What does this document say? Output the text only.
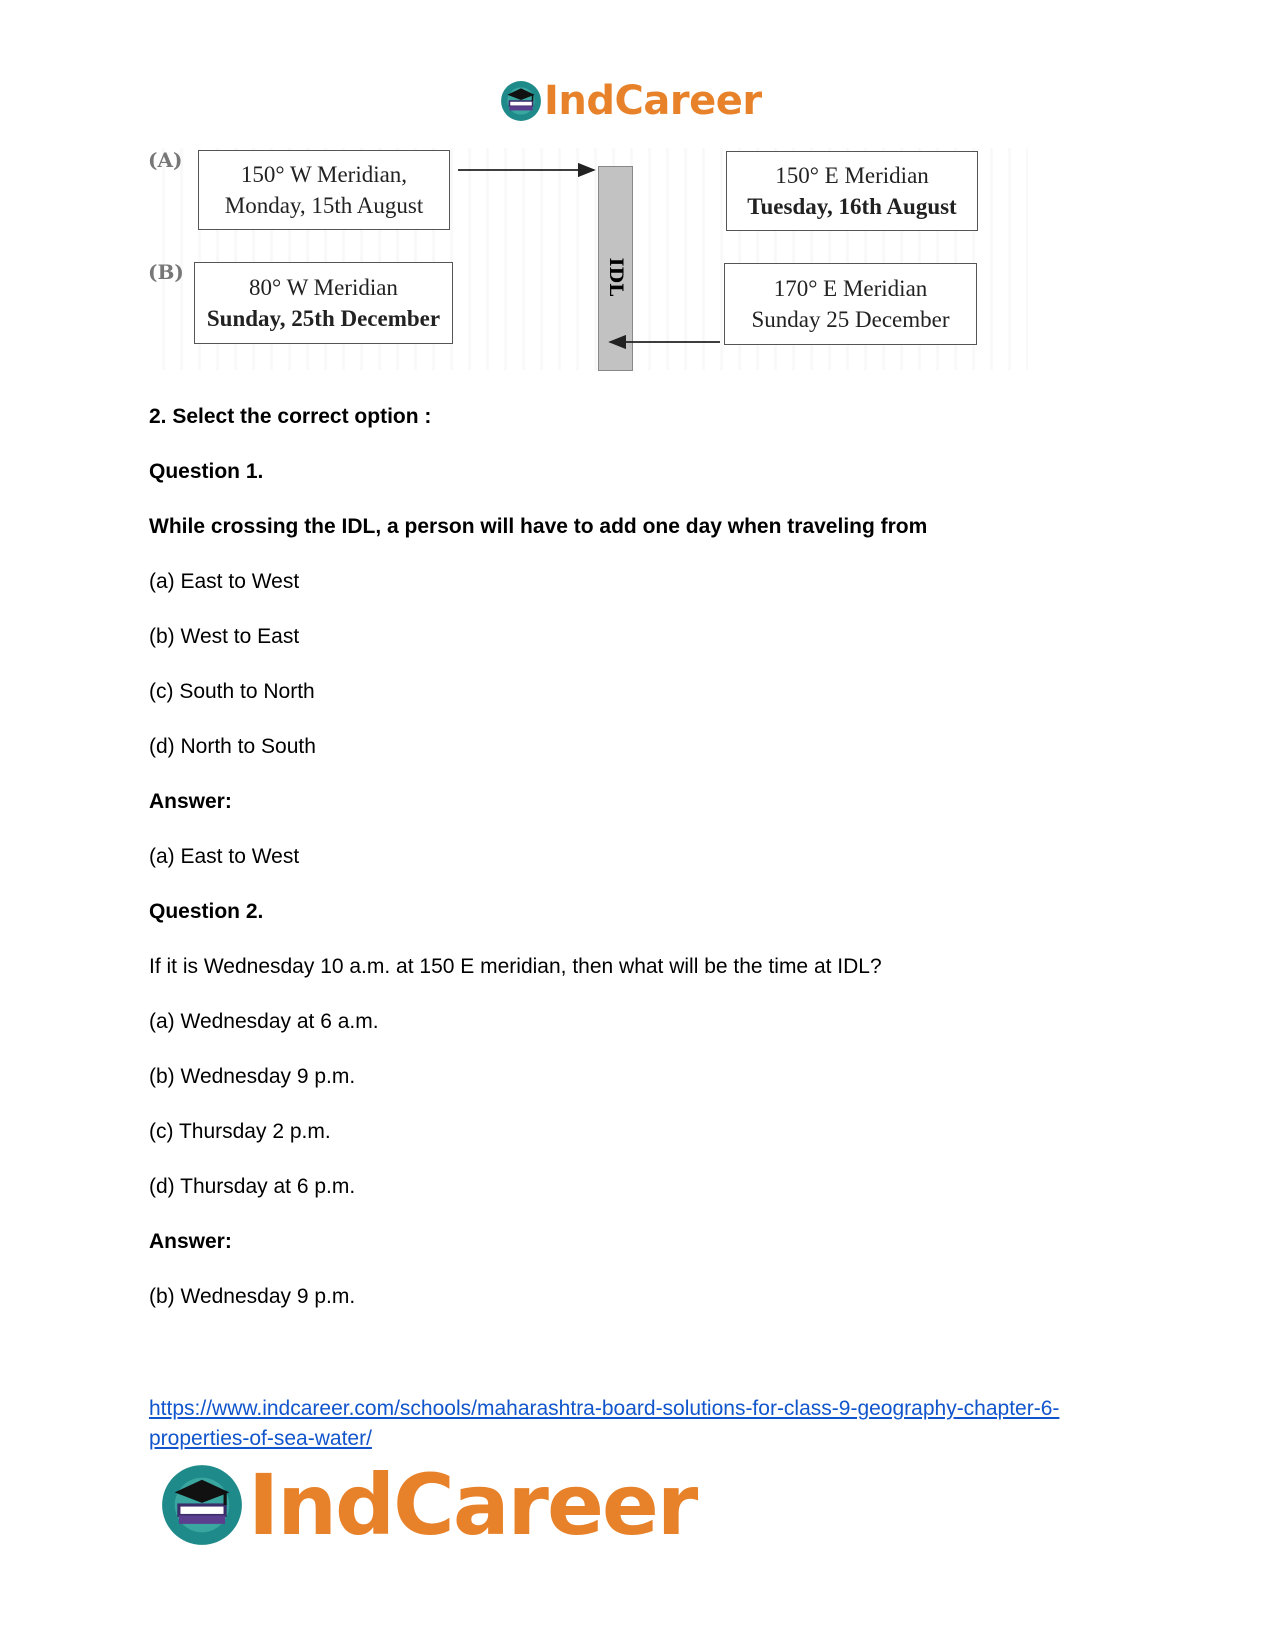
IndCareer
(A)
(B)
150° W Meridian,
Monday, 15th August
150° E Meridian
Tuesday, 16th August
80° W Meridian
Sunday, 25th December
170° E Meridian
Sunday 25 December
IDL

2. Select the correct option :

Question 1.

While crossing the IDL, a person will have to add one day when traveling from

(a) East to West

(b) West to East

(c) South to North

(d) North to South

Answer:

(a) East to West

Question 2.

If it is Wednesday 10 a.m. at 150 E meridian, then what will be the time at IDL?

(a) Wednesday at 6 a.m.

(b) Wednesday 9 p.m.

(c) Thursday 2 p.m.

(d) Thursday at 6 p.m.

Answer:

(b) Wednesday 9 p.m.

https://www.indcareer.com/schools/maharashtra-board-solutions-for-class-9-geography-chapter-6-properties-of-sea-water/
IndCareer
